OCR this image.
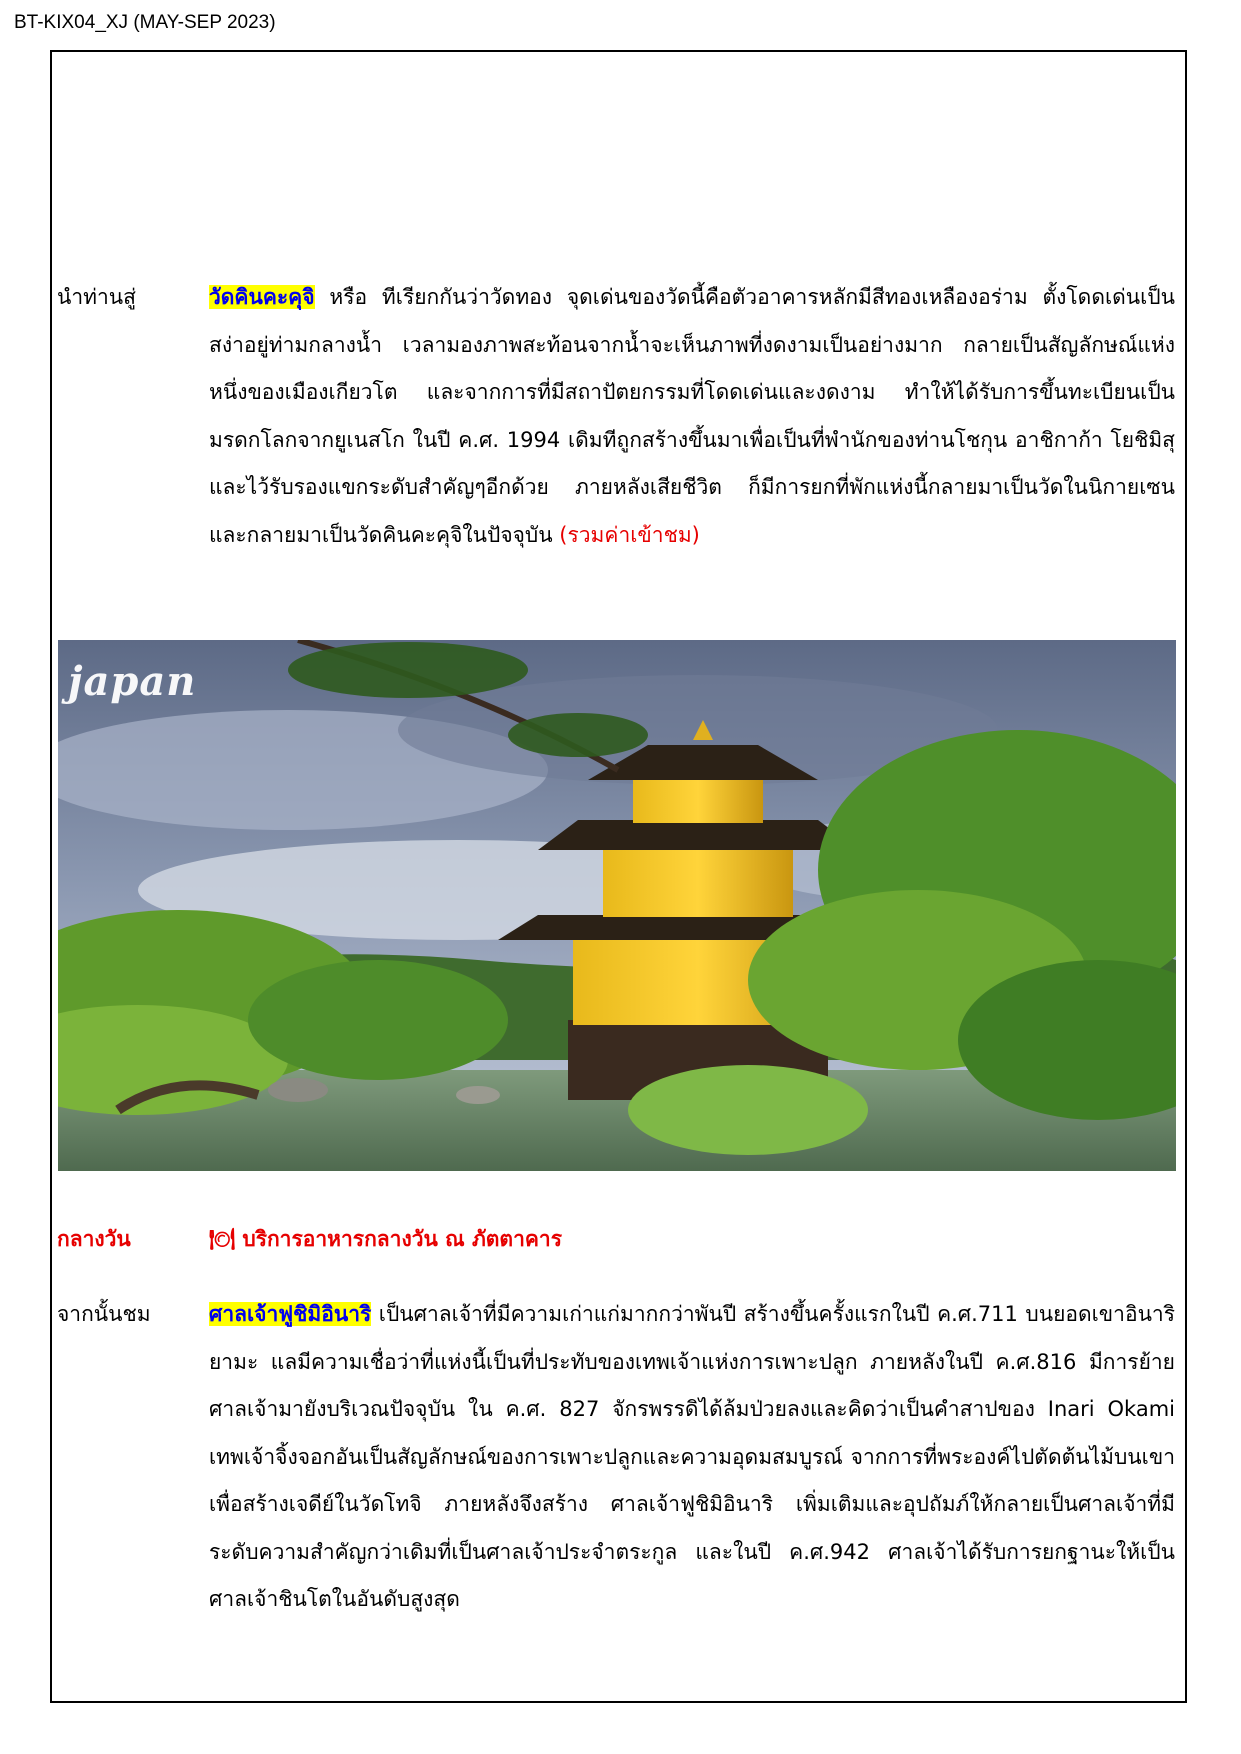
BT-KIX04_XJ (MAY-SEP 2023)
นำท่านสู่	วัดคินคะคุจิ หรือ ทีเรียกกันว่าวัดทอง จุดเด่นของวัดนี้คือตัวอาคารหลักมีสีทองเหลืองอร่าม ตั้งโดดเด่นเป็นสง่าอยู่ท่ามกลางน้ำ เวลามองภาพสะท้อนจากน้ำจะเห็นภาพที่งดงามเป็นอย่างมาก กลายเป็นสัญลักษณ์แห่งหนึ่งของเมืองเกียวโต และจากการที่มีสถาปัตยกรรมที่โดดเด่นและงดงาม ทำให้ได้รับการขึ้นทะเบียนเป็นมรดกโลกจากยูเนสโก ในปี ค.ศ. 1994 เดิมทีถูกสร้างขึ้นมาเพื่อเป็นที่พำนักของท่านโชกุน อาชิกาก้า โยชิมิสุ และไว้รับรองแขกระดับสำคัญๆอีกด้วย ภายหลังเสียชีวิต ก็มีการยกที่พักแห่งนี้กลายมาเป็นวัดในนิกายเซน และกลายมาเป็นวัดคินคะคุจิในปัจจุบัน (รวมค่าเข้าชม)
japan
กลางวัน	🍽 บริการอาหารกลางวัน ณ ภัตตาคาร
จากนั้นชม	ศาลเจ้าฟูชิมิอินาริ เป็นศาลเจ้าที่มีความเก่าแก่มากกว่าพันปี สร้างขึ้นครั้งแรกในปี ค.ศ.711 บนยอดเขาอินาริยามะ แลมีความเชื่อว่าที่แห่งนี้เป็นที่ประทับของเทพเจ้าแห่งการเพาะปลูก ภายหลังในปี ค.ศ.816 มีการย้ายศาลเจ้ามายังบริเวณปัจจุบัน ใน ค.ศ. 827 จักรพรรดิได้ล้มป่วยลงและคิดว่าเป็นคำสาปของ Inari Okami เทพเจ้าจิ้งจอกอันเป็นสัญลักษณ์ของการเพาะปลูกและความอุดมสมบูรณ์ จากการที่พระองค์ไปตัดต้นไม้บนเขาเพื่อสร้างเจดีย์ในวัดโทจิ ภายหลังจึงสร้าง ศาลเจ้าฟูชิมิอินาริ เพิ่มเติมและอุปถัมภ์ให้กลายเป็นศาลเจ้าที่มีระดับความสำคัญกว่าเดิมที่เป็นศาลเจ้าประจำตระกูล และในปี ค.ศ.942 ศาลเจ้าได้รับการยกฐานะให้เป็นศาลเจ้าชินโตในอันดับสูงสุด
